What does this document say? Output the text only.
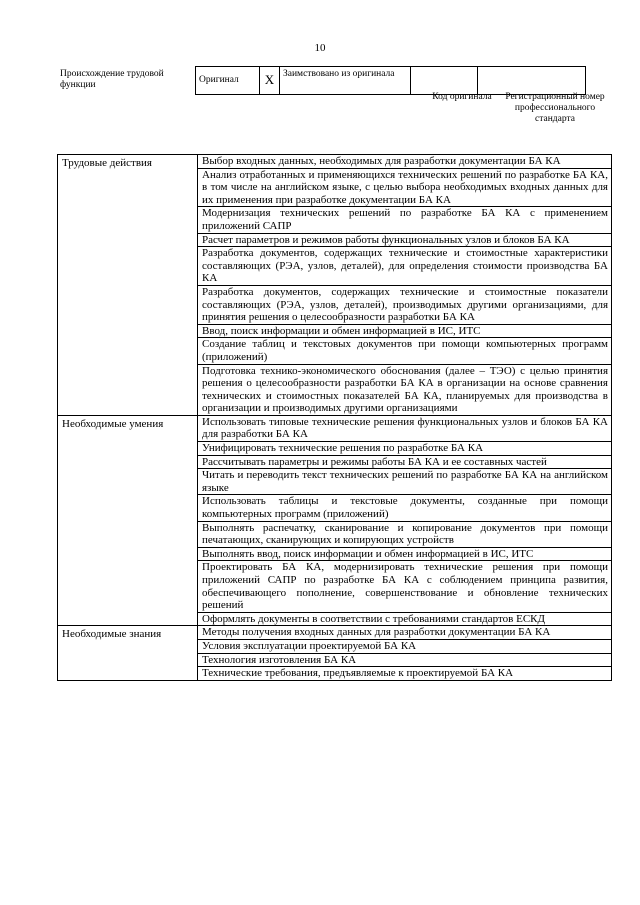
10
Происхождение трудовой функции	Оригинал	X	Заимствовано из оригинала		
Код оригинала	Регистрационный номер профессионального стандарта
Трудовые действия	Выбор входных данных, необходимых для разработки документации БА КА
	Анализ отработанных и применяющихся технических решений по разработке БА КА, в том числе на английском языке, с целью выбора необходимых входных данных для их применения при разработке документации БА КА
	Модернизация технических решений по разработке БА КА с применением приложений САПР
	Расчет параметров и режимов работы функциональных узлов и блоков БА КА
	Разработка документов, содержащих технические и стоимостные характеристики составляющих (РЭА, узлов, деталей), для определения стоимости производства БА КА
	Разработка документов, содержащих технические и стоимостные показатели составляющих (РЭА, узлов, деталей), производимых другими организациями, для принятия решения о целесообразности разработки БА КА
	Ввод, поиск информации и обмен информацией в ИС, ИТС
	Создание таблиц и текстовых документов при помощи компьютерных программ (приложений)
	Подготовка технико-экономического обоснования (далее – ТЭО) с целью принятия решения о целесообразности разработки БА КА в организации на основе сравнения технических и стоимостных показателей БА КА, планируемых для производства в организации и производимых другими организациями
Необходимые умения	Использовать типовые технические решения функциональных узлов и блоков БА КА для разработки БА КА
	Унифицировать технические решения по разработке БА КА
	Рассчитывать параметры и режимы работы БА КА и ее составных частей
	Читать и переводить текст технических решений по разработке БА КА на английском языке
	Использовать таблицы и текстовые документы, созданные при помощи компьютерных программ (приложений)
	Выполнять распечатку, сканирование и копирование документов при помощи печатающих, сканирующих и копирующих устройств
	Выполнять ввод, поиск информации и обмен информацией в ИС, ИТС
	Проектировать БА КА, модернизировать технические решения при помощи приложений САПР по разработке БА КА с соблюдением принципа развития, обеспечивающего пополнение, совершенствование и обновление технических решений
	Оформлять документы в соответствии с требованиями стандартов ЕСКД
Необходимые знания	Методы получения входных данных для разработки документации БА КА
	Условия эксплуатации проектируемой БА КА
	Технология изготовления БА КА
	Технические требования, предъявляемые к проектируемой БА КА
